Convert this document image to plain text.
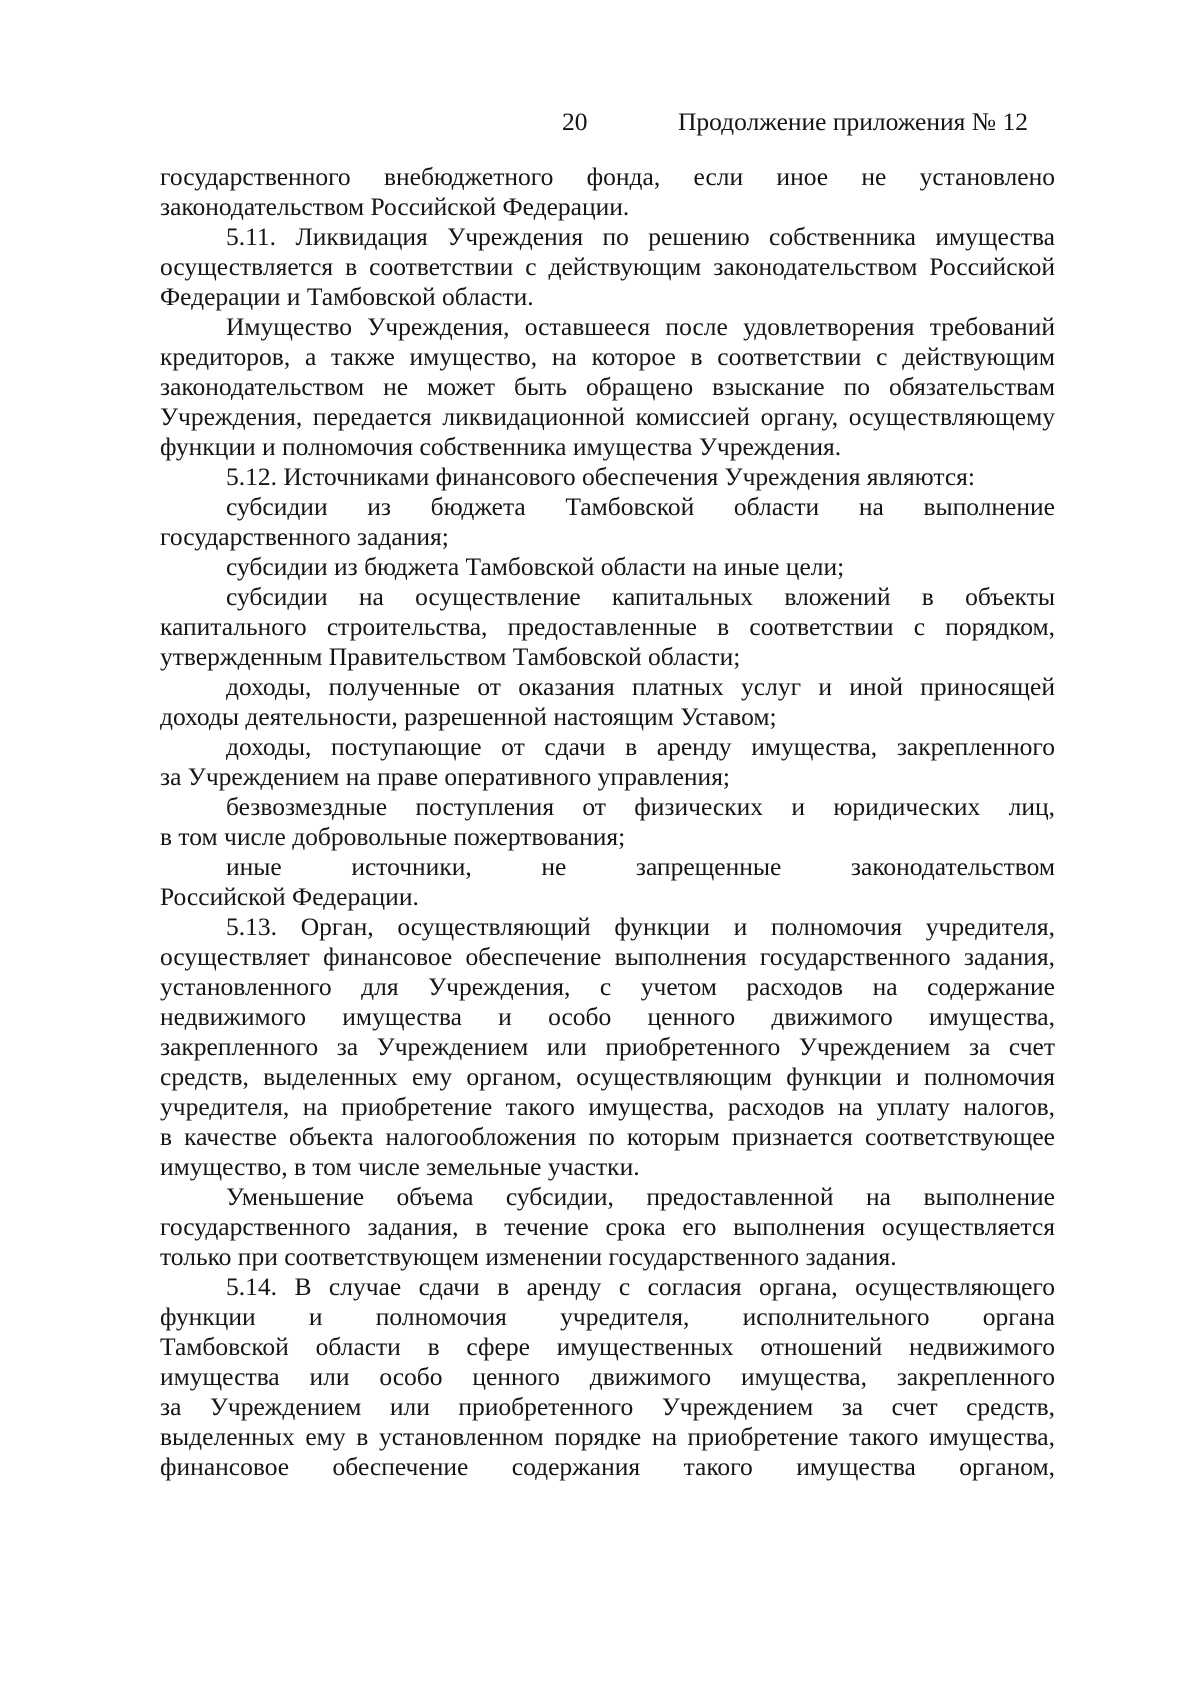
20	Продолжение приложения № 12
государственного внебюджетного фонда, если иное не установлено
законодательством Российской Федерации.
5.11. Ликвидация Учреждения по решению собственника имущества
осуществляется в соответствии с действующим законодательством Российской
Федерации и Тамбовской области.
Имущество Учреждения, оставшееся после удовлетворения требований
кредиторов, а также имущество, на которое в соответствии с действующим
законодательством не может быть обращено взыскание по обязательствам
Учреждения, передается ликвидационной комиссией органу, осуществляющему
функции и полномочия собственника имущества Учреждения.
5.12. Источниками финансового обеспечения Учреждения являются:
субсидии из бюджета Тамбовской области на выполнение
государственного задания;
субсидии из бюджета Тамбовской области на иные цели;
субсидии на осуществление капитальных вложений в объекты
капитального строительства, предоставленные в соответствии с порядком,
утвержденным Правительством Тамбовской области;
доходы, полученные от оказания платных услуг и иной приносящей
доходы деятельности, разрешенной настоящим Уставом;
доходы, поступающие от сдачи в аренду имущества, закрепленного
за Учреждением на праве оперативного управления;
безвозмездные поступления от физических и юридических лиц,
в том числе добровольные пожертвования;
иные источники, не запрещенные законодательством
Российской Федерации.
5.13. Орган, осуществляющий функции и полномочия учредителя,
осуществляет финансовое обеспечение выполнения государственного задания,
установленного для Учреждения, с учетом расходов на содержание
недвижимого имущества и особо ценного движимого имущества,
закрепленного за Учреждением или приобретенного Учреждением за счет
средств, выделенных ему органом, осуществляющим функции и полномочия
учредителя, на приобретение такого имущества, расходов на уплату налогов,
в качестве объекта налогообложения по которым признается соответствующее
имущество, в том числе земельные участки.
Уменьшение объема субсидии, предоставленной на выполнение
государственного задания, в течение срока его выполнения осуществляется
только при соответствующем изменении государственного задания.
5.14. В случае сдачи в аренду с согласия органа, осуществляющего
функции и полномочия учредителя, исполнительного органа
Тамбовской области в сфере имущественных отношений недвижимого
имущества или особо ценного движимого имущества, закрепленного
за Учреждением или приобретенного Учреждением за счет средств,
выделенных ему в установленном порядке на приобретение такого имущества,
финансовое обеспечение содержания такого имущества органом,
